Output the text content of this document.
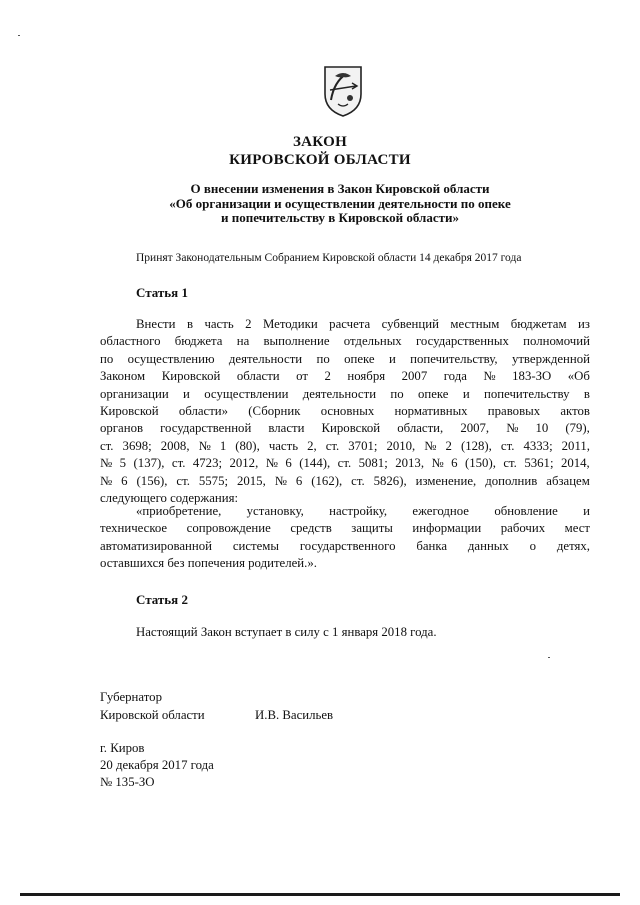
ЗАКОН
КИРОВСКОЙ ОБЛАСТИ
О внесении изменения в Закон Кировской области
«Об организации и осуществлении деятельности по опеке
и попечительству в Кировской области»
Принят Законодательным Собранием Кировской области 14 декабря 2017 года
Статья 1
Внести в часть 2 Методики расчета субвенций местным бюджетам из
областного бюджета на выполнение отдельных государственных полномочий
по осуществлению деятельности по опеке и попечительству, утвержденной
Законом Кировской области от 2 ноября 2007 года № 183-ЗО «Об
организации и осуществлении деятельности по опеке и попечительству в
Кировской области» (Сборник основных нормативных правовых актов
органов государственной власти Кировской области, 2007, № 10 (79),
ст. 3698; 2008, № 1 (80), часть 2, ст. 3701; 2010, № 2 (128), ст. 4333; 2011,
№ 5 (137), ст. 4723; 2012, № 6 (144), ст. 5081; 2013, № 6 (150), ст. 5361; 2014,
№ 6 (156), ст. 5575; 2015, № 6 (162), ст. 5826), изменение, дополнив абзацем
следующего содержания:
«приобретение, установку, настройку, ежегодное обновление и
техническое сопровождение средств защиты информации рабочих мест
автоматизированной системы государственного банка данных о детях,
оставшихся без попечения родителей.».
Статья 2
Настоящий Закон вступает в силу с 1 января 2018 года.
Губернатор
Кировской области	И.В. Васильев
г. Киров
20 декабря 2017 года
№ 135-ЗО
